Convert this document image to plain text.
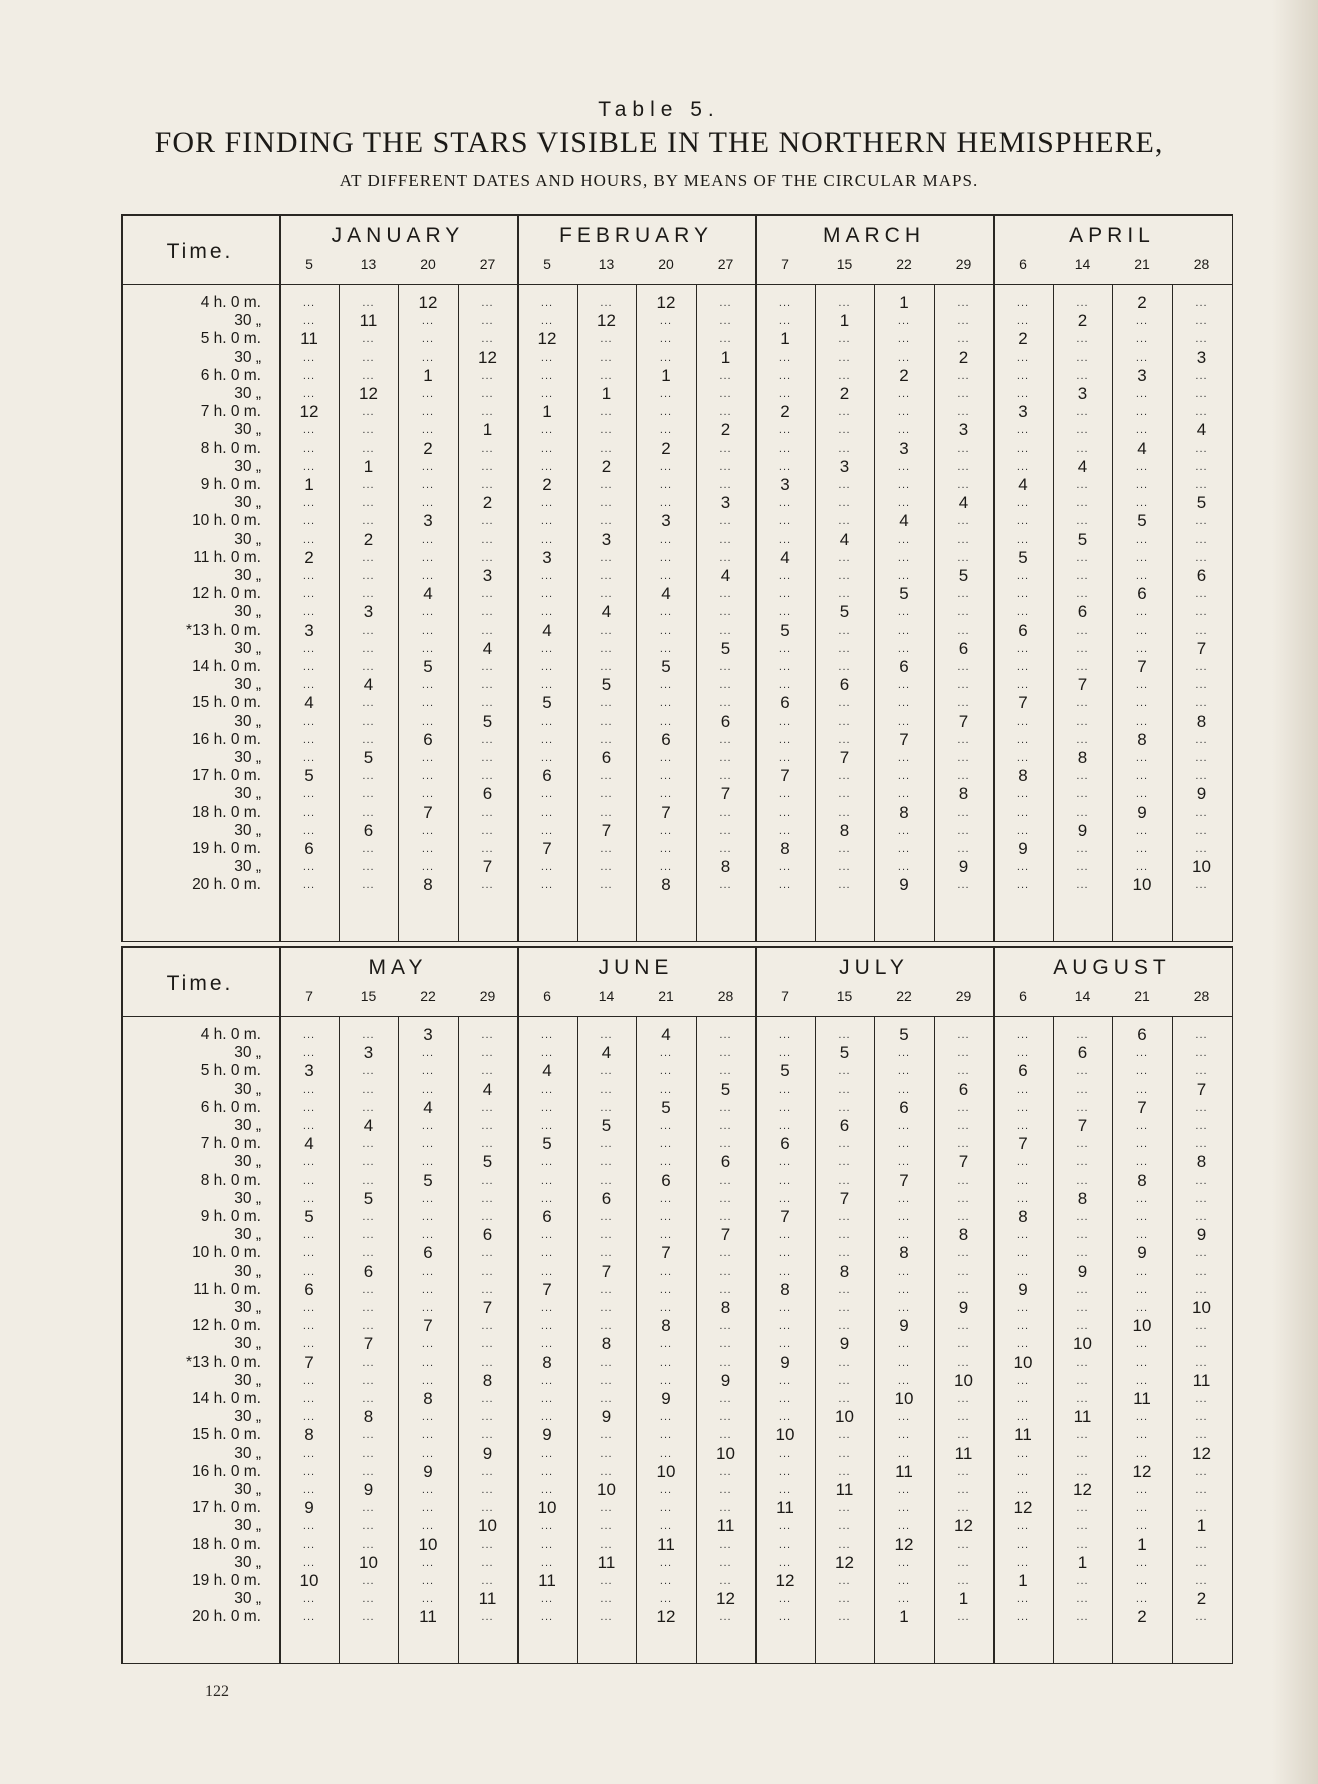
Table 5.
FOR FINDING THE STARS VISIBLE IN THE NORTHERN HEMISPHERE,
AT DIFFERENT DATES AND HOURS, BY MEANS OF THE CIRCULAR MAPS.
Time.
4 h. 0 m.
30 „
5 h. 0 m.
30 „
6 h. 0 m.
30 „
7 h. 0 m.
30 „
8 h. 0 m.
30 „
9 h. 0 m.
30 „
10 h. 0 m.
30 „
11 h. 0 m.
30 „
12 h. 0 m.
30 „
*13 h. 0 m.
30 „
14 h. 0 m.
30 „
15 h. 0 m.
30 „
16 h. 0 m.
30 „
17 h. 0 m.
30 „
18 h. 0 m.
30 „
19 h. 0 m.
30 „
20 h. 0 m.
JANUARY
5
...
...
11
...
...
...
12
...
...
...
1
...
...
...
2
...
...
...
3
...
...
...
4
...
...
...
5
...
...
...
6
...
...
13
...
11
...
...
...
12
...
...
...
1
...
...
...
2
...
...
...
3
...
...
...
4
...
...
...
5
...
...
...
6
...
...
...
20
12
...
...
...
1
...
...
...
2
...
...
...
3
...
...
...
4
...
...
...
5
...
...
...
6
...
...
...
7
...
...
...
8
27
...
...
...
12
...
...
...
1
...
...
...
2
...
...
...
3
...
...
...
4
...
...
...
5
...
...
...
6
...
...
...
7
...
FEBRUARY
5
...
...
12
...
...
...
1
...
...
...
2
...
...
...
3
...
...
...
4
...
...
...
5
...
...
...
6
...
...
...
7
...
...
13
...
12
...
...
...
1
...
...
...
2
...
...
...
3
...
...
...
4
...
...
...
5
...
...
...
6
...
...
...
7
...
...
...
20
12
...
...
...
1
...
...
...
2
...
...
...
3
...
...
...
4
...
...
...
5
...
...
...
6
...
...
...
7
...
...
...
8
27
...
...
...
1
...
...
...
2
...
...
...
3
...
...
...
4
...
...
...
5
...
...
...
6
...
...
...
7
...
...
...
8
...
MARCH
7
...
...
1
...
...
...
2
...
...
...
3
...
...
...
4
...
...
...
5
...
...
...
6
...
...
...
7
...
...
...
8
...
...
15
...
1
...
...
...
2
...
...
...
3
...
...
...
4
...
...
...
5
...
...
...
6
...
...
...
7
...
...
...
8
...
...
...
22
1
...
...
...
2
...
...
...
3
...
...
...
4
...
...
...
5
...
...
...
6
...
...
...
7
...
...
...
8
...
...
...
9
29
...
...
...
2
...
...
...
3
...
...
...
4
...
...
...
5
...
...
...
6
...
...
...
7
...
...
...
8
...
...
...
9
...
APRIL
6
...
...
2
...
...
...
3
...
...
...
4
...
...
...
5
...
...
...
6
...
...
...
7
...
...
...
8
...
...
...
9
...
...
14
...
2
...
...
...
3
...
...
...
4
...
...
...
5
...
...
...
6
...
...
...
7
...
...
...
8
...
...
...
9
...
...
...
21
2
...
...
...
3
...
...
...
4
...
...
...
5
...
...
...
6
...
...
...
7
...
...
...
8
...
...
...
9
...
...
...
10
28
...
...
...
3
...
...
...
4
...
...
...
5
...
...
...
6
...
...
...
7
...
...
...
8
...
...
...
9
...
...
...
10
...
Time.
4 h. 0 m.
30 „
5 h. 0 m.
30 „
6 h. 0 m.
30 „
7 h. 0 m.
30 „
8 h. 0 m.
30 „
9 h. 0 m.
30 „
10 h. 0 m.
30 „
11 h. 0 m.
30 „
12 h. 0 m.
30 „
*13 h. 0 m.
30 „
14 h. 0 m.
30 „
15 h. 0 m.
30 „
16 h. 0 m.
30 „
17 h. 0 m.
30 „
18 h. 0 m.
30 „
19 h. 0 m.
30 „
20 h. 0 m.
MAY
7
...
...
3
...
...
...
4
...
...
...
5
...
...
...
6
...
...
...
7
...
...
...
8
...
...
...
9
...
...
...
10
...
...
15
...
3
...
...
...
4
...
...
...
5
...
...
...
6
...
...
...
7
...
...
...
8
...
...
...
9
...
...
...
10
...
...
...
22
3
...
...
...
4
...
...
...
5
...
...
...
6
...
...
...
7
...
...
...
8
...
...
...
9
...
...
...
10
...
...
...
11
29
...
...
...
4
...
...
...
5
...
...
...
6
...
...
...
7
...
...
...
8
...
...
...
9
...
...
...
10
...
...
...
11
...
JUNE
6
...
...
4
...
...
...
5
...
...
...
6
...
...
...
7
...
...
...
8
...
...
...
9
...
...
...
10
...
...
...
11
...
...
14
...
4
...
...
...
5
...
...
...
6
...
...
...
7
...
...
...
8
...
...
...
9
...
...
...
10
...
...
...
11
...
...
...
21
4
...
...
...
5
...
...
...
6
...
...
...
7
...
...
...
8
...
...
...
9
...
...
...
10
...
...
...
11
...
...
...
12
28
...
...
...
5
...
...
...
6
...
...
...
7
...
...
...
8
...
...
...
9
...
...
...
10
...
...
...
11
...
...
...
12
...
JULY
7
...
...
5
...
...
...
6
...
...
...
7
...
...
...
8
...
...
...
9
...
...
...
10
...
...
...
11
...
...
...
12
...
...
15
...
5
...
...
...
6
...
...
...
7
...
...
...
8
...
...
...
9
...
...
...
10
...
...
...
11
...
...
...
12
...
...
...
22
5
...
...
...
6
...
...
...
7
...
...
...
8
...
...
...
9
...
...
...
10
...
...
...
11
...
...
...
12
...
...
...
1
29
...
...
...
6
...
...
...
7
...
...
...
8
...
...
...
9
...
...
...
10
...
...
...
11
...
...
...
12
...
...
...
1
...
AUGUST
6
...
...
6
...
...
...
7
...
...
...
8
...
...
...
9
...
...
...
10
...
...
...
11
...
...
...
12
...
...
...
1
...
...
14
...
6
...
...
...
7
...
...
...
8
...
...
...
9
...
...
...
10
...
...
...
11
...
...
...
12
...
...
...
1
...
...
...
21
6
...
...
...
7
...
...
...
8
...
...
...
9
...
...
...
10
...
...
...
11
...
...
...
12
...
...
...
1
...
...
...
2
28
...
...
...
7
...
...
...
8
...
...
...
9
...
...
...
10
...
...
...
11
...
...
...
12
...
...
...
1
...
...
...
2
...
122
